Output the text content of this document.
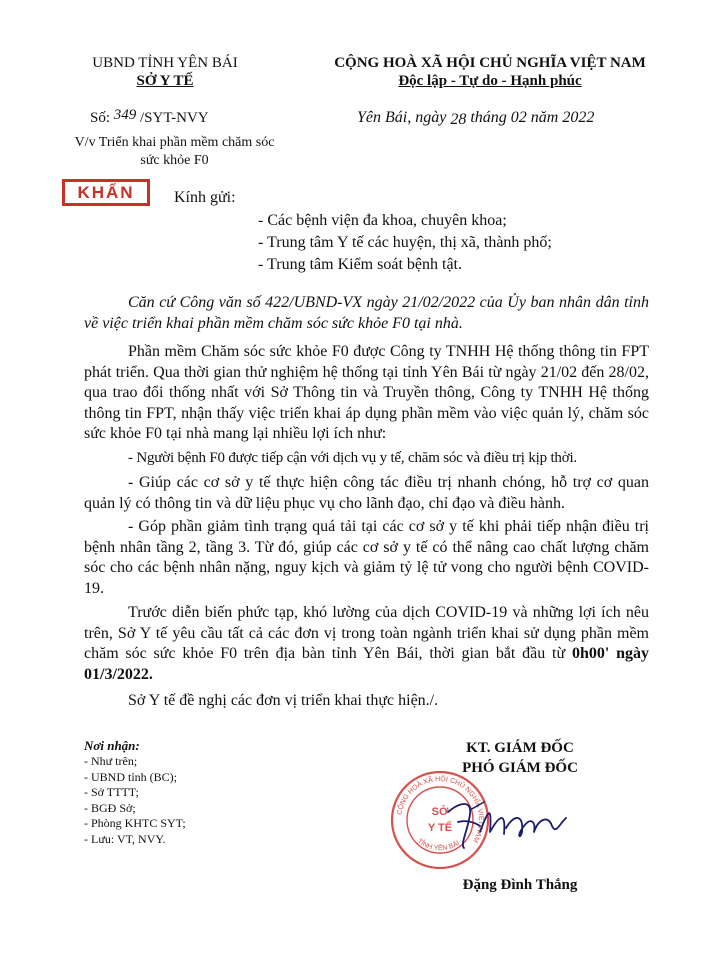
UBND TỈNH YÊN BÁI
SỞ Y TẾ
CỘNG HOÀ XÃ HỘI CHỦ NGHĨA VIỆT NAM
Độc lập - Tự do - Hạnh phúc
Số: 349 /SYT-NVY	Yên Bái, ngày 28 tháng 02 năm 2022
V/v Triển khai phần mềm chăm sóc
sức khỏe F0
KHẨN	Kính gửi:
- Các bệnh viện đa khoa, chuyên khoa;
- Trung tâm Y tế các huyện, thị xã, thành phố;
- Trung tâm Kiểm soát bệnh tật.

Căn cứ Công văn số 422/UBND-VX ngày 21/02/2022 của Ủy ban nhân dân tỉnh về việc triển khai phần mềm chăm sóc sức khỏe F0 tại nhà.

Phần mềm Chăm sóc sức khỏe F0 được Công ty TNHH Hệ thống thông tin FPT phát triển. Qua thời gian thử nghiệm hệ thống tại tỉnh Yên Bái từ ngày 21/02 đến 28/02, qua trao đổi thống nhất với Sở Thông tin và Truyền thông, Công ty TNHH Hệ thống thông tin FPT, nhận thấy việc triển khai áp dụng phần mềm vào việc quản lý, chăm sóc sức khỏe F0 tại nhà mang lại nhiều lợi ích như:

- Người bệnh F0 được tiếp cận với dịch vụ y tế, chăm sóc và điều trị kịp thời.

- Giúp các cơ sở y tế thực hiện công tác điều trị nhanh chóng, hỗ trợ cơ quan quản lý có thông tin và dữ liệu phục vụ cho lãnh đạo, chỉ đạo và điều hành.

- Góp phần giảm tình trạng quá tải tại các cơ sở y tế khi phải tiếp nhận điều trị bệnh nhân tầng 2, tầng 3. Từ đó, giúp các cơ sở y tế có thể nâng cao chất lượng chăm sóc cho các bệnh nhân nặng, nguy kịch và giảm tỷ lệ tử vong cho người bệnh COVID-19.

Trước diễn biến phức tạp, khó lường của dịch COVID-19 và những lợi ích nêu trên, Sở Y tế yêu cầu tất cả các đơn vị trong toàn ngành triển khai sử dụng phần mềm chăm sóc sức khỏe F0 trên địa bàn tỉnh Yên Bái, thời gian bắt đầu từ 0h00' ngày 01/3/2022.

Sở Y tế đề nghị các đơn vị triển khai thực hiện./.

Nơi nhận:
- Như trên;
- UBND tỉnh (BC);
- Sở TTTT;
- BGĐ Sở;
- Phòng KHTC SYT;
- Lưu: VT, NVY.
KT. GIÁM ĐỐC
PHÓ GIÁM ĐỐC
CỘNG HOÀ XÃ HỘI CHỦ NGHĨA VIỆT NAM
TỈNH YÊN BÁI
SỞ
Y TẾ
Đặng Đình Thắng
